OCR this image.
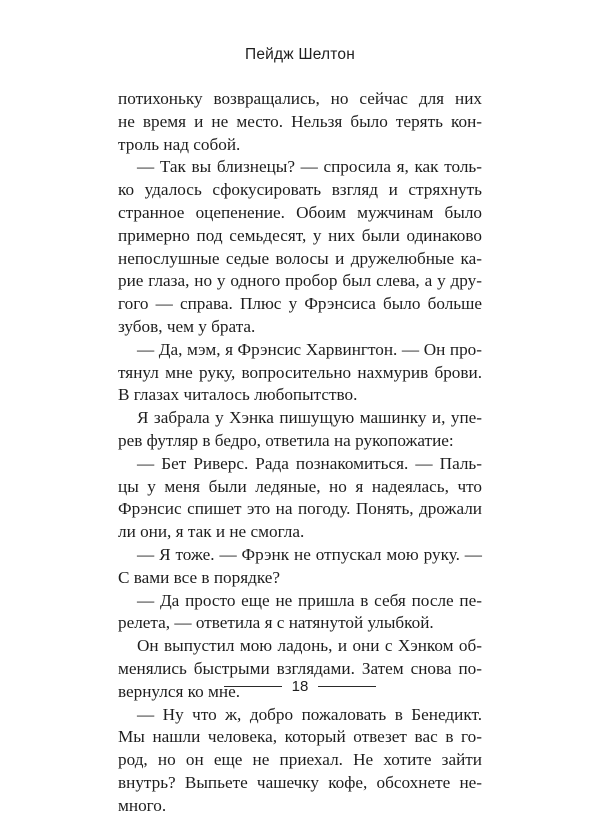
Пейдж Шелтон
потихоньку возвращались, но сейчас для них
не время и не место. Нельзя было терять кон-
троль над собой.
— Так вы близнецы? — спросила я, как толь-
ко удалось сфокусировать взгляд и стряхнуть
странное оцепенение. Обоим мужчинам было
примерно под семьдесят, у них были одинаково
непослушные седые волосы и дружелюбные ка-
рие глаза, но у одного пробор был слева, а у дру-
гого — справа. Плюс у Фрэнсиса было больше
зубов, чем у брата.
— Да, мэм, я Фрэнсис Харвингтон. — Он про-
тянул мне руку, вопросительно нахмурив брови.
В глазах читалось любопытство.
Я забрала у Хэнка пишущую машинку и, упе-
рев футляр в бедро, ответила на рукопожатие:
— Бет Риверс. Рада познакомиться. — Паль-
цы у меня были ледяные, но я надеялась, что
Фрэнсис спишет это на погоду. Понять, дрожали
ли они, я так и не смогла.
— Я тоже. — Фрэнк не отпускал мою руку. —
С вами все в порядке?
— Да просто еще не пришла в себя после пе-
релета, — ответила я с натянутой улыбкой.
Он выпустил мою ладонь, и они с Хэнком об-
менялись быстрыми взглядами. Затем снова по-
вернулся ко мне.
— Ну что ж, добро пожаловать в Бенедикт.
Мы нашли человека, который отвезет вас в го-
род, но он еще не приехал. Не хотите зайти
внутрь? Выпьете чашечку кофе, обсохнете не-
много.
18
